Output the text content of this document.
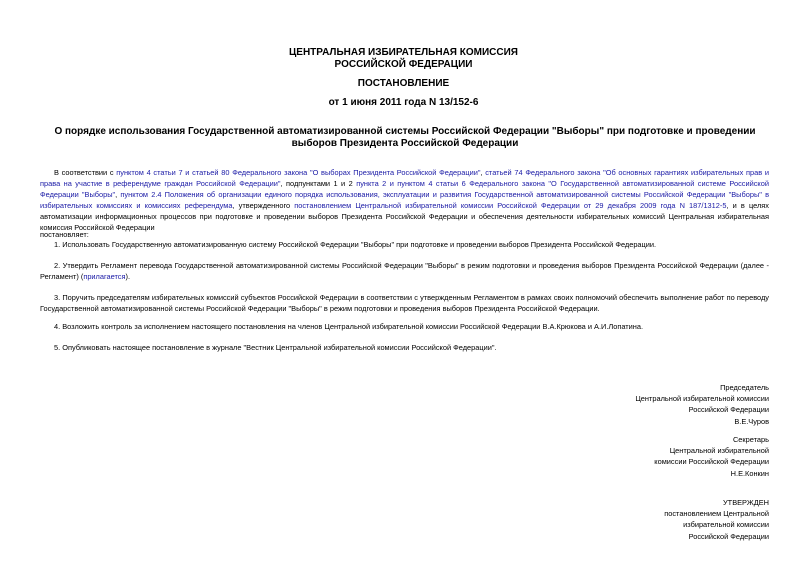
ЦЕНТРАЛЬНАЯ ИЗБИРАТЕЛЬНАЯ КОМИССИЯ
РОССИЙСКОЙ ФЕДЕРАЦИИ
ПОСТАНОВЛЕНИЕ
от 1 июня 2011 года N 13/152-6
О порядке использования Государственной автоматизированной системы Российской Федерации "Выборы" при подготовке и проведении выборов Президента Российской Федерации
В соответствии с пунктом 4 статьи 7 и статьей 80 Федерального закона "О выборах Президента Российской Федерации", статьей 74 Федерального закона "Об основных гарантиях избирательных прав и права на участие в референдуме граждан Российской Федерации", подпунктами 1 и 2 пункта 2 и пунктом 4 статьи 6 Федерального закона "О Государственной автоматизированной системе Российской Федерации "Выборы", пунктом 2.4 Положения об организации единого порядка использования, эксплуатации и развития Государственной автоматизированной системы Российской Федерации "Выборы" в избирательных комиссиях и комиссиях референдума, утвержденного постановлением Центральной избирательной комиссии Российской Федерации от 29 декабря 2009 года N 187/1312-5, и в целях автоматизации информационных процессов при подготовке и проведении выборов Президента Российской Федерации и обеспечения деятельности избирательных комиссий Центральная избирательная комиссия Российской Федерации
постановляет:
1. Использовать Государственную автоматизированную систему Российской Федерации "Выборы" при подготовке и проведении выборов Президента Российской Федерации.
2. Утвердить Регламент перевода Государственной автоматизированной системы Российской Федерации "Выборы" в режим подготовки и проведения выборов Президента Российской Федерации (далее - Регламент) (прилагается).
3. Поручить председателям избирательных комиссий субъектов Российской Федерации в соответствии с утвержденным Регламентом в рамках своих полномочий обеспечить выполнение работ по переводу Государственной автоматизированной системы Российской Федерации "Выборы" в режим подготовки и проведения выборов Президента Российской Федерации.
4. Возложить контроль за исполнением настоящего постановления на членов Центральной избирательной комиссии Российской Федерации В.А.Крюкова и А.И.Лопатина.
5. Опубликовать настоящее постановление в журнале "Вестник Центральной избирательной комиссии Российской Федерации".
Председатель
Центральной избирательной комиссии
Российской Федерации
В.Е.Чуров
Секретарь
Центральной избирательной
комиссии Российской Федерации
Н.Е.Конкин
УТВЕРЖДЕН
постановлением Центральной
избирательной комиссии
Российской Федерации
